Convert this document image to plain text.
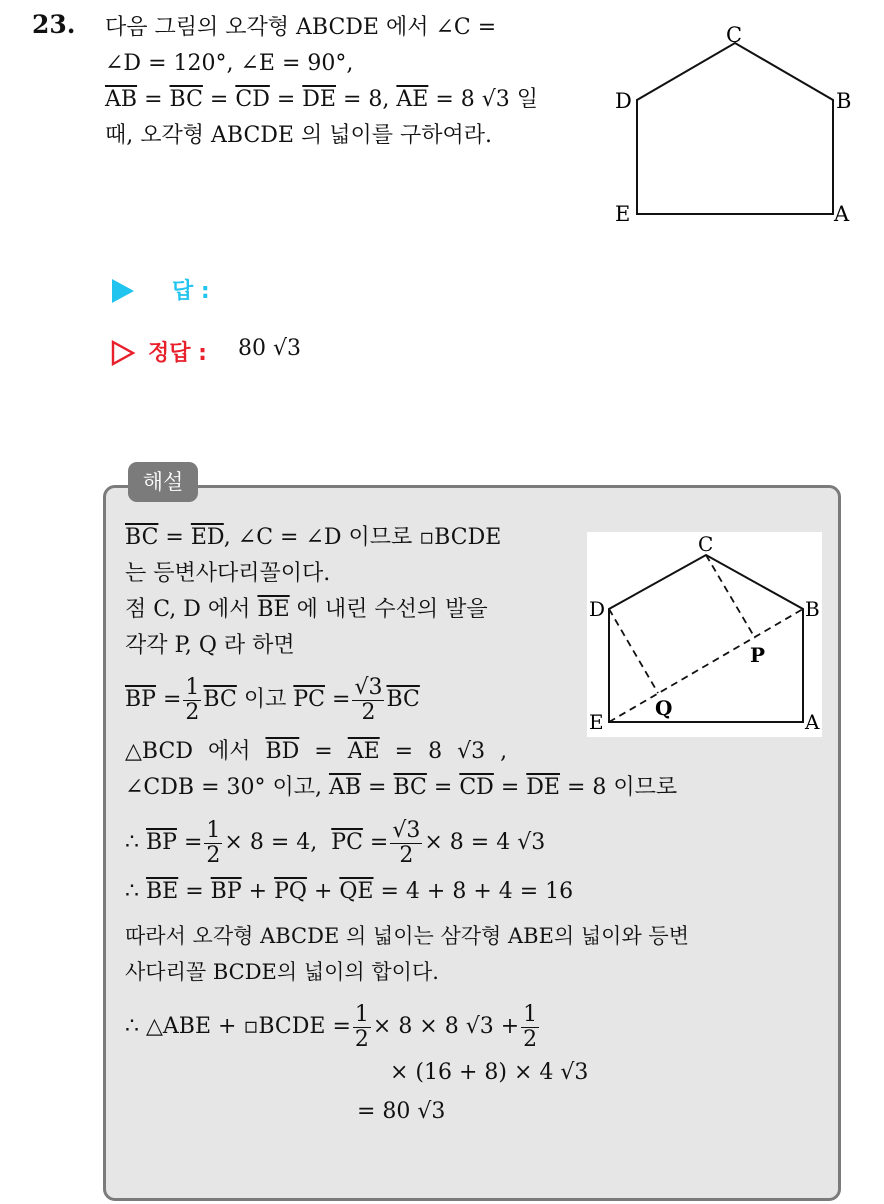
23. 다음 그림의 오각형 ABCDE 에서 ∠C =
∠D = 120°, ∠E = 90°,
$\overline{AB} = \overline{BC} = \overline{CD} = \overline{DE} = 8$, $\overline{AE} = 8$ √3 일
때, 오각형 ABCDE 의 넓이를 구하여라.
C
D	B
E	A
답 :
정답 : 80 √3
해설
$\overline{BC} = \overline{ED}$, ∠C = ∠D 이므로 ▫BCDE
는 등변사다리꼴이다.
점 C, D 에서 $\overline{BE}$ 에 내린 수선의 발을
각각 P, Q 라 하면
$\overline{BP}$
= $\frac{1}{2} \overline{BC}$
이고
$\overline{PC}$
= $\frac{√3}{2} \overline{BC}$
△BCD 에서 $\overline{BD} = \overline{AE} = 8$ √3 ,
∠CDB = 30° 이고, $\overline{AB} = \overline{BC} = \overline{CD} = \overline{DE} = 8$ 이므로
∴
$\overline{BP}$
= $\frac{1}{2} \times 8 = 4$,
$\overline{PC}$
= $\frac{√3}{2} \times 8 = 4$ √3
∴ $\overline{BE} = \overline{BP} + \overline{PQ} + \overline{QE} = 4 + 8 + 4 = 16$
따라서 오각형 ABCDE 의 넓이는 삼각형 ABE의 넓이와 등변
사다리꼴 BCDE의 넓이의 합이다.
∴ △ABE + ▫BCDE = $\frac{1}{2} \times 8 \times 8$ $√3 + \frac{1}{2}$
× (16 + 8) × 4 √3
= 80 √3
C
D	B
E	A
P
Q
